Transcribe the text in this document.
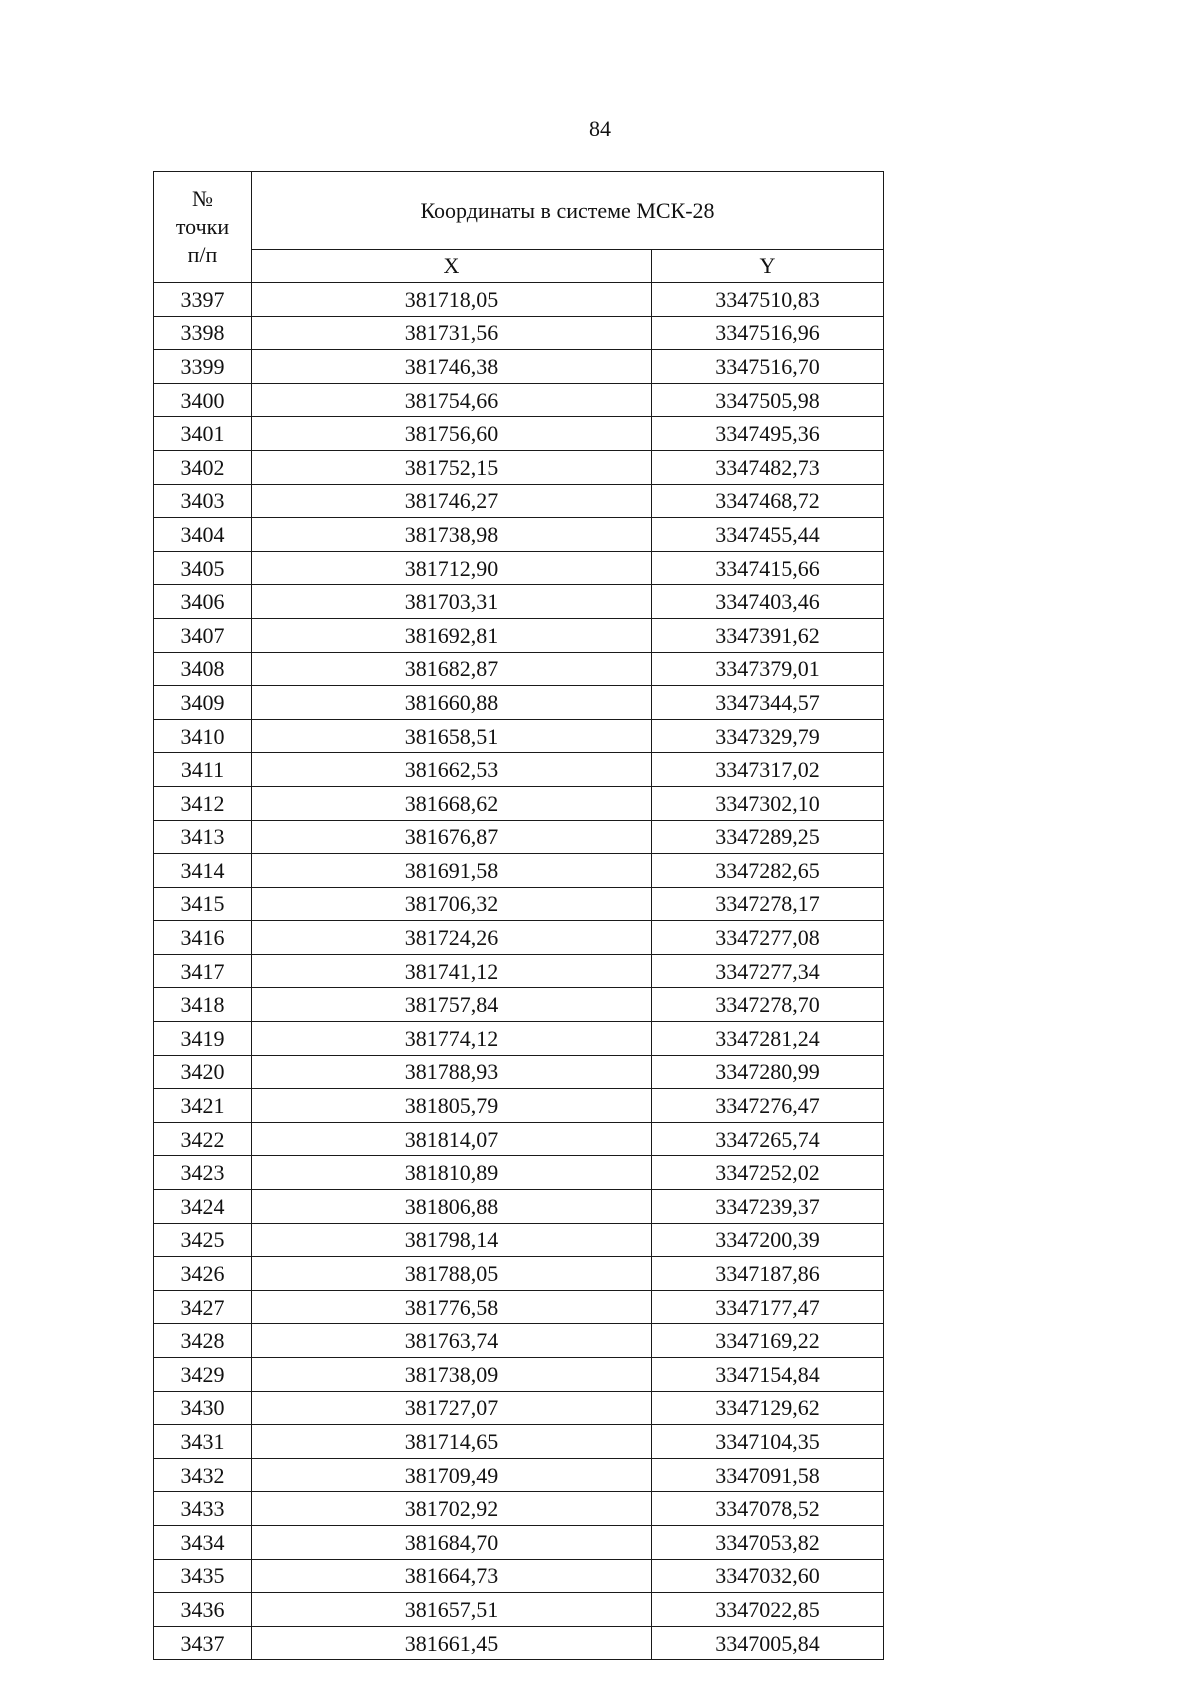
84
№
точки
п/п	Координаты в системе МСК-28	
	X	Y
3397	381718,05	3347510,83
3398	381731,56	3347516,96
3399	381746,38	3347516,70
3400	381754,66	3347505,98
3401	381756,60	3347495,36
3402	381752,15	3347482,73
3403	381746,27	3347468,72
3404	381738,98	3347455,44
3405	381712,90	3347415,66
3406	381703,31	3347403,46
3407	381692,81	3347391,62
3408	381682,87	3347379,01
3409	381660,88	3347344,57
3410	381658,51	3347329,79
3411	381662,53	3347317,02
3412	381668,62	3347302,10
3413	381676,87	3347289,25
3414	381691,58	3347282,65
3415	381706,32	3347278,17
3416	381724,26	3347277,08
3417	381741,12	3347277,34
3418	381757,84	3347278,70
3419	381774,12	3347281,24
3420	381788,93	3347280,99
3421	381805,79	3347276,47
3422	381814,07	3347265,74
3423	381810,89	3347252,02
3424	381806,88	3347239,37
3425	381798,14	3347200,39
3426	381788,05	3347187,86
3427	381776,58	3347177,47
3428	381763,74	3347169,22
3429	381738,09	3347154,84
3430	381727,07	3347129,62
3431	381714,65	3347104,35
3432	381709,49	3347091,58
3433	381702,92	3347078,52
3434	381684,70	3347053,82
3435	381664,73	3347032,60
3436	381657,51	3347022,85
3437	381661,45	3347005,84
